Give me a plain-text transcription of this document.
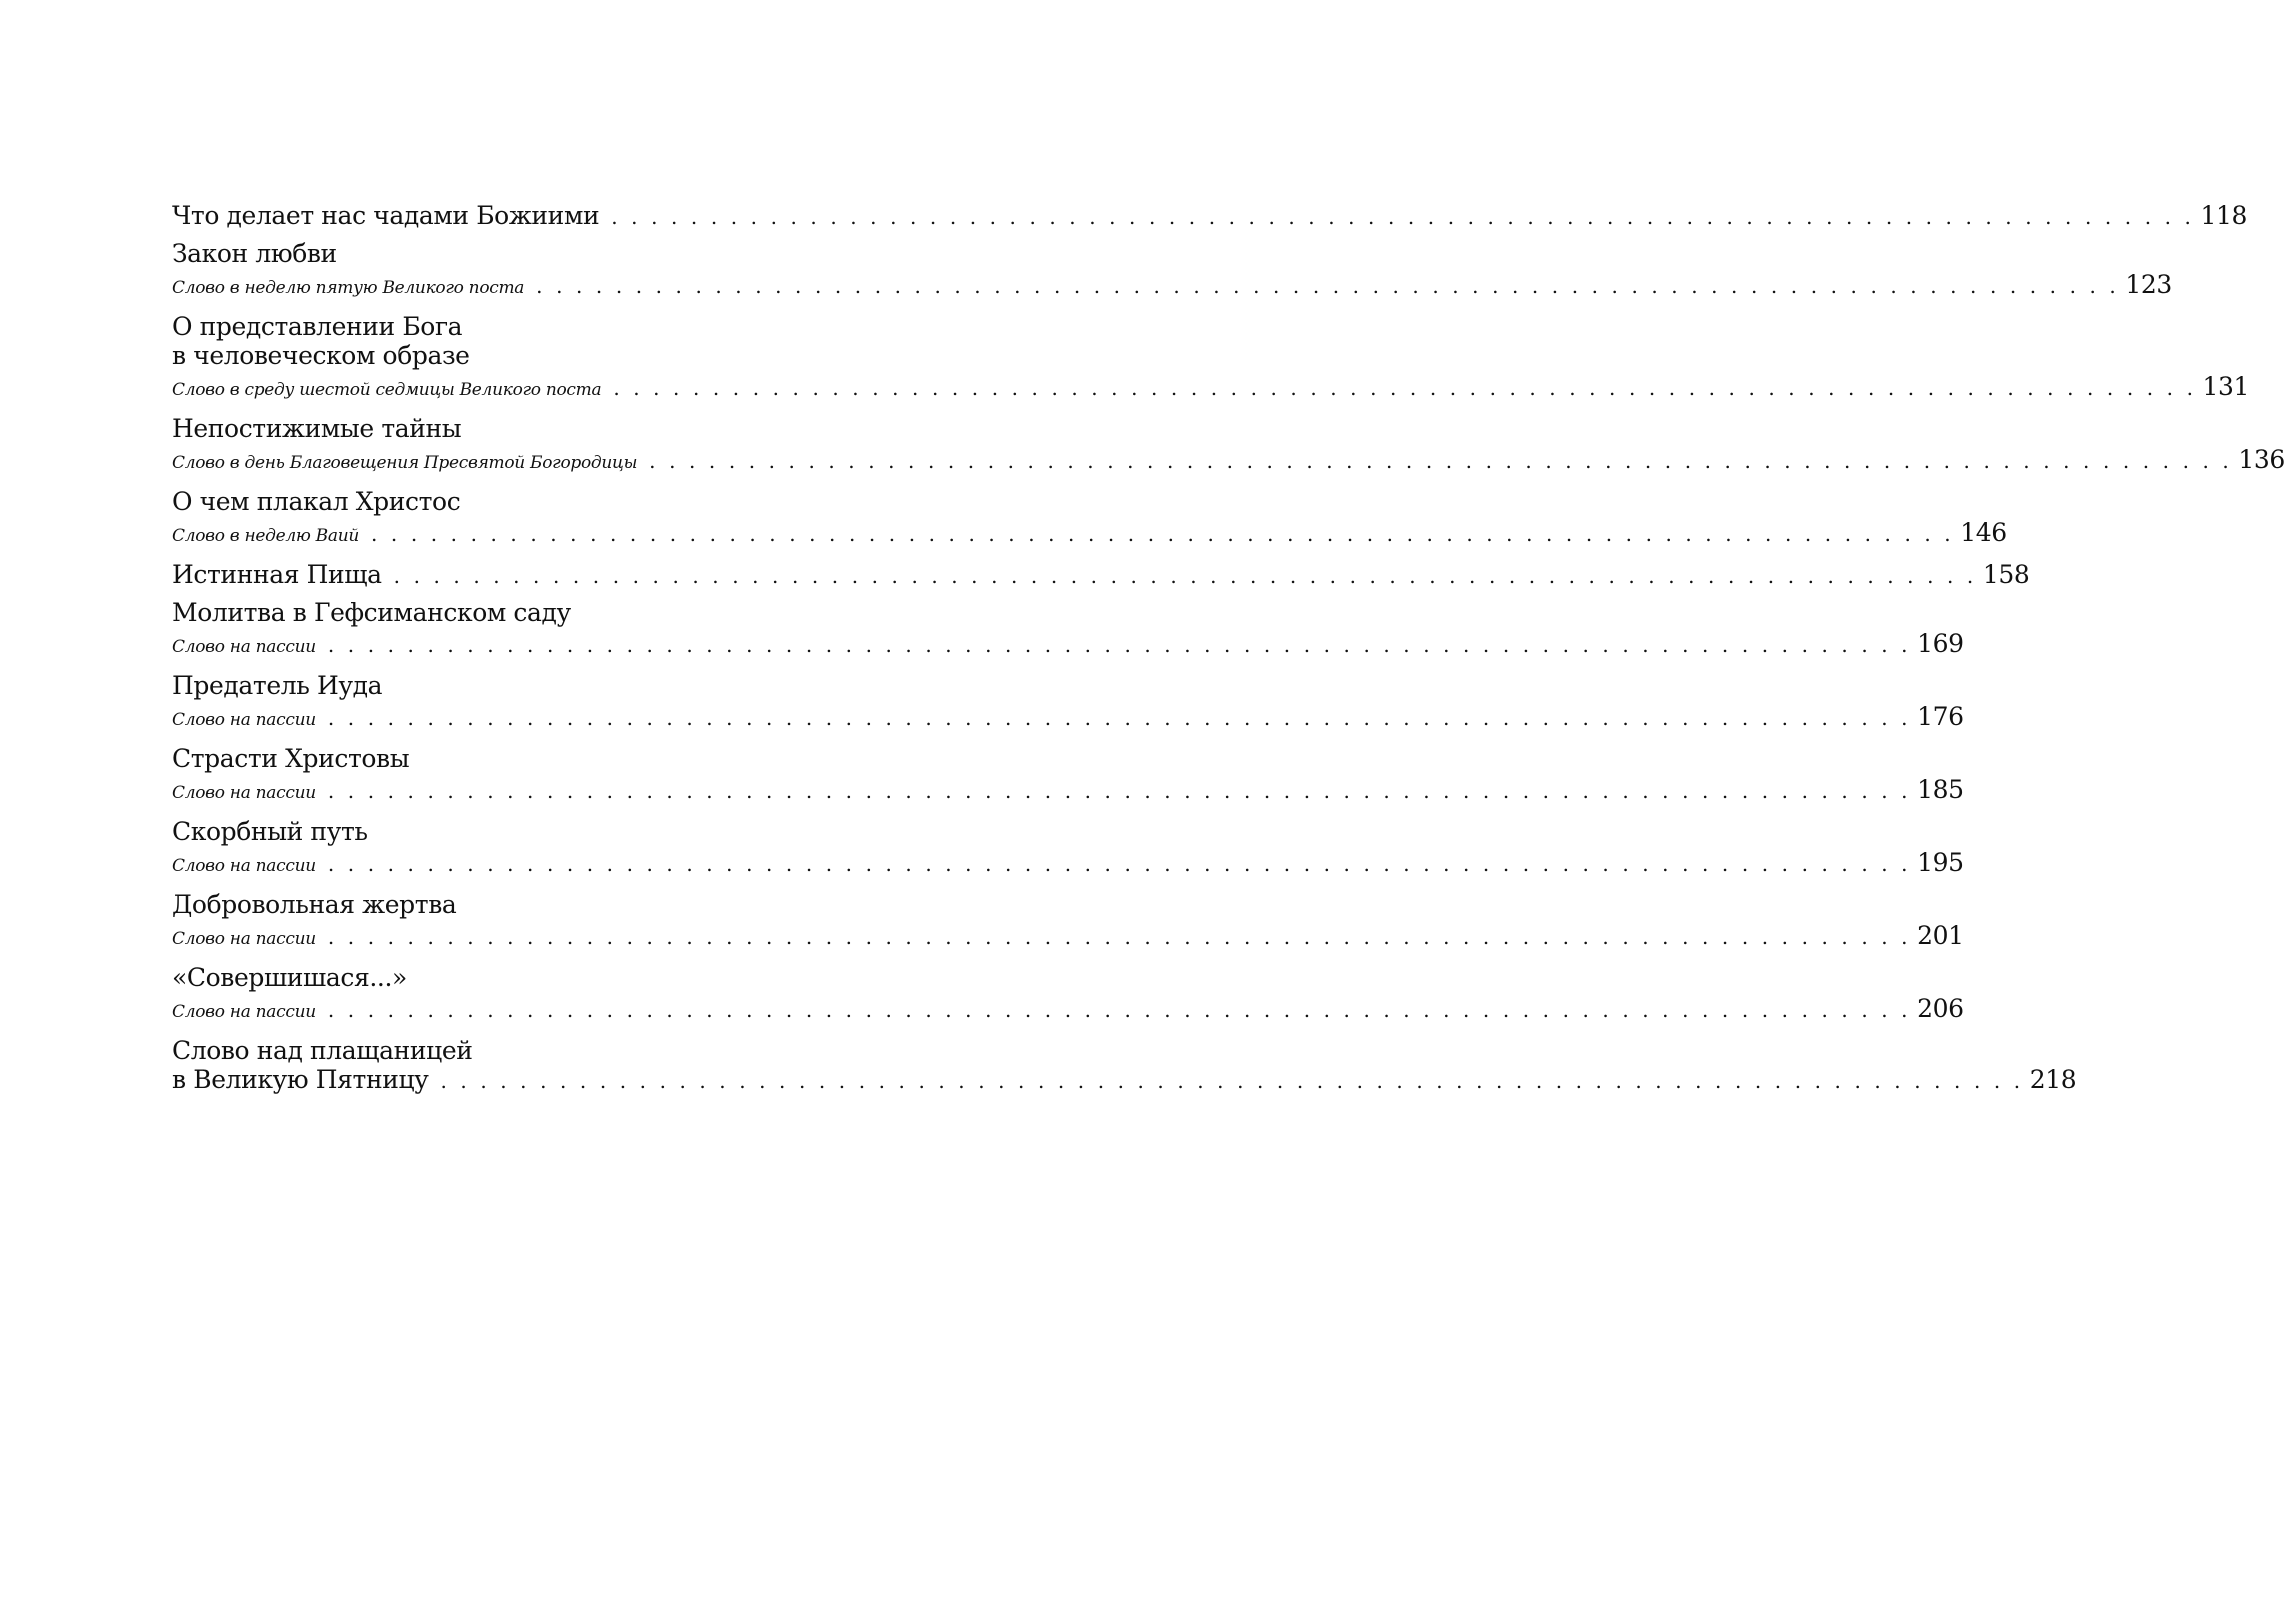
Что делает нас чадами Божиими . . . . . . . . . . . . . . . . . . . . . . . . . . . . . . . . . . . . . . . . . . . . . . . . . . . . . . . . . . . . . . . . . . . . . . . . . . . . . . . . 118
Закон любви
Слово в неделю пятую Великого поста . . . . . . . . . . . . . . . . . . . . . . . . . . . . . . . . . . . . . . . . . . . . . . . . . . . . . . . . . . . . . . . . . . . . . . . . . . . . . . . . 123
О представлении Бога
в человеческом образе
Слово в среду шестой седмицы Великого поста . . . . . . . . . . . . . . . . . . . . . . . . . . . . . . . . . . . . . . . . . . . . . . . . . . . . . . . . . . . . . . . . . . . . . . . . . . . . . . . . 131
Непостижимые тайны
Слово в день Благовещения Пресвятой Богородицы . . . . . . . . . . . . . . . . . . . . . . . . . . . . . . . . . . . . . . . . . . . . . . . . . . . . . . . . . . . . . . . . . . . . . . . . . . . . . . . . 136
О чем плакал Христос
Слово в неделю Ваий . . . . . . . . . . . . . . . . . . . . . . . . . . . . . . . . . . . . . . . . . . . . . . . . . . . . . . . . . . . . . . . . . . . . . . . . . . . . . . . . 146
Истинная Пища . . . . . . . . . . . . . . . . . . . . . . . . . . . . . . . . . . . . . . . . . . . . . . . . . . . . . . . . . . . . . . . . . . . . . . . . . . . . . . . . 158
Молитва в Гефсиманском саду
Слово на пассии . . . . . . . . . . . . . . . . . . . . . . . . . . . . . . . . . . . . . . . . . . . . . . . . . . . . . . . . . . . . . . . . . . . . . . . . . . . . . . . . 169
Предатель Иуда
Слово на пассии . . . . . . . . . . . . . . . . . . . . . . . . . . . . . . . . . . . . . . . . . . . . . . . . . . . . . . . . . . . . . . . . . . . . . . . . . . . . . . . . 176
Страсти Христовы
Слово на пассии . . . . . . . . . . . . . . . . . . . . . . . . . . . . . . . . . . . . . . . . . . . . . . . . . . . . . . . . . . . . . . . . . . . . . . . . . . . . . . . . 185
Скорбный путь
Слово на пассии . . . . . . . . . . . . . . . . . . . . . . . . . . . . . . . . . . . . . . . . . . . . . . . . . . . . . . . . . . . . . . . . . . . . . . . . . . . . . . . . 195
Добровольная жертва
Слово на пассии . . . . . . . . . . . . . . . . . . . . . . . . . . . . . . . . . . . . . . . . . . . . . . . . . . . . . . . . . . . . . . . . . . . . . . . . . . . . . . . . 201
«Совершишася...»
Слово на пассии . . . . . . . . . . . . . . . . . . . . . . . . . . . . . . . . . . . . . . . . . . . . . . . . . . . . . . . . . . . . . . . . . . . . . . . . . . . . . . . . 206
Слово над плащаницей
в Великую Пятницу . . . . . . . . . . . . . . . . . . . . . . . . . . . . . . . . . . . . . . . . . . . . . . . . . . . . . . . . . . . . . . . . . . . . . . . . . . . . . . . . 218
